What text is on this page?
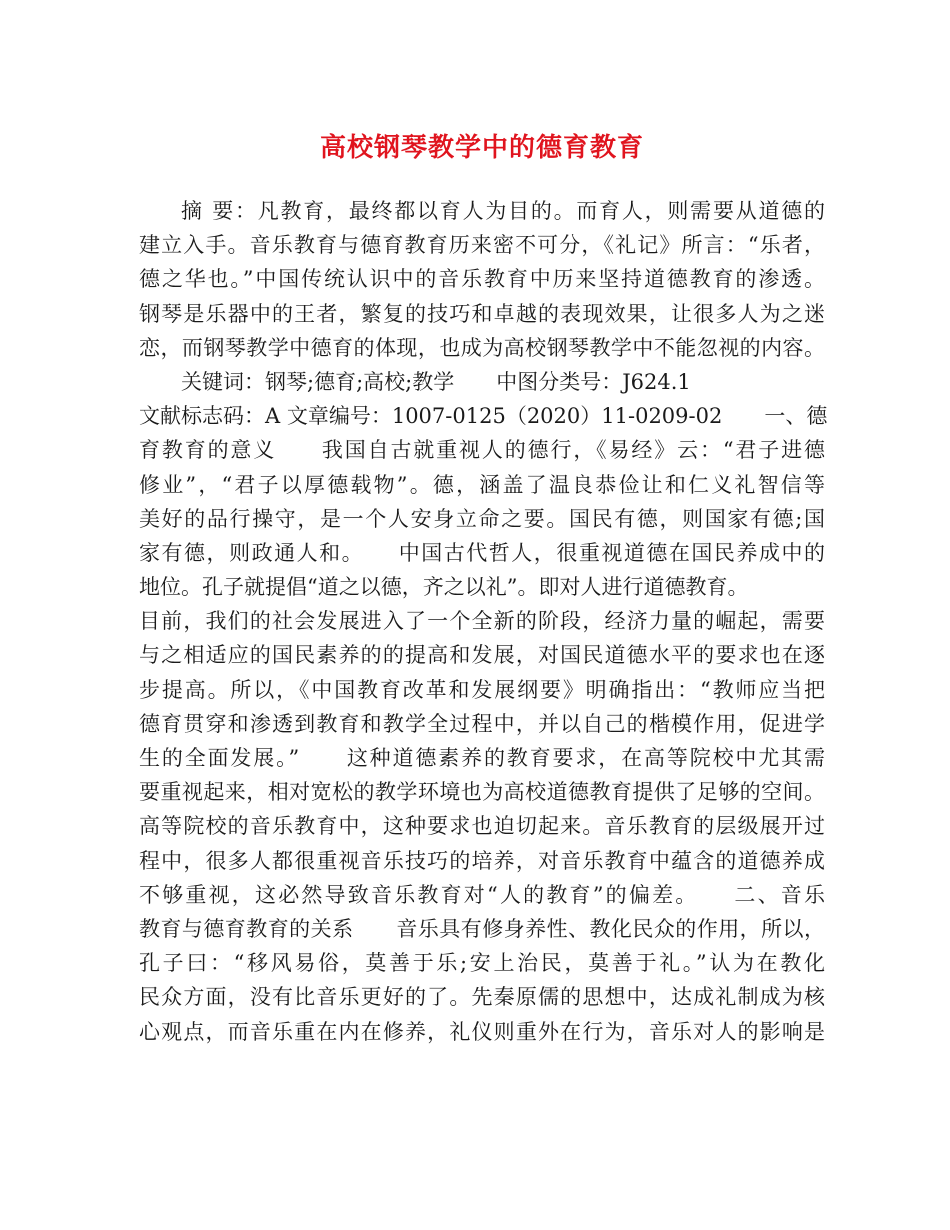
高校钢琴教学中的德育教育
摘 要：凡教育，最终都以育人为目的。而育人，则需要从道德的
建立入手。音乐教育与德育教育历来密不可分，《礼记》所言：“乐者，
德之华也。”中国传统认识中的音乐教育中历来坚持道德教育的渗透。
钢琴是乐器中的王者，繁复的技巧和卓越的表现效果，让很多人为之迷
恋，而钢琴教学中德育的体现，也成为高校钢琴教学中不能忽视的内容。
关键词：钢琴;德育;高校;教学　　中图分类号：J624.1
文献标志码：A 文章编号：1007-0125（2020）11-0209-02　　一、德
育教育的意义　　我国自古就重视人的德行，《易经》云：“君子进德
修业”，“君子以厚德载物”。德，涵盖了温良恭俭让和仁义礼智信等
美好的品行操守，是一个人安身立命之要。国民有德，则国家有德;国
家有德，则政通人和。　　中国古代哲人，很重视道德在国民养成中的
地位。孔子就提倡“道之以德，齐之以礼”。即对人进行道德教育。
目前，我们的社会发展进入了一个全新的阶段，经济力量的崛起，需要
与之相适应的国民素养的的提高和发展，对国民道德水平的要求也在逐
步提高。所以，《中国教育改革和发展纲要》明确指出：“教师应当把
德育贯穿和渗透到教育和教学全过程中，并以自己的楷模作用，促进学
生的全面发展。”　　这种道德素养的教育要求，在高等院校中尤其需
要重视起来，相对宽松的教学环境也为高校道德教育提供了足够的空间。
高等院校的音乐教育中，这种要求也迫切起来。音乐教育的层级展开过
程中，很多人都很重视音乐技巧的培养，对音乐教育中蕴含的道德养成
不够重视，这必然导致音乐教育对“人的教育”的偏差。　　二、音乐
教育与德育教育的关系　　音乐具有修身养性、教化民众的作用，所以，
孔子曰：“移风易俗，莫善于乐;安上治民，莫善于礼。”认为在教化
民众方面，没有比音乐更好的了。先秦原儒的思想中，达成礼制成为核
心观点，而音乐重在内在修养，礼仪则重外在行为，音乐对人的影响是
